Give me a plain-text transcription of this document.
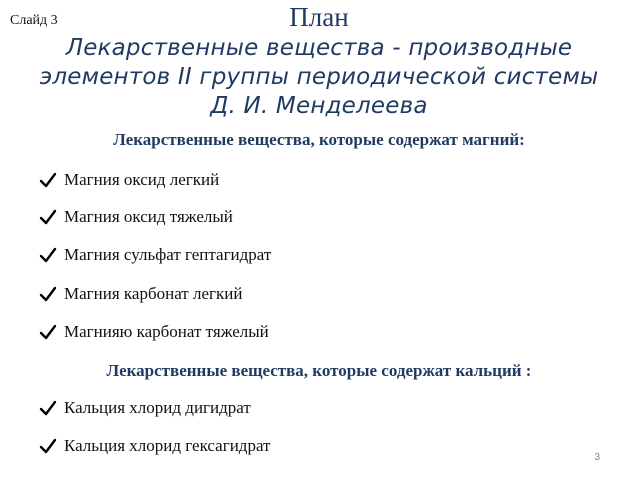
Слайд 3	План
Лекарственные вещества - производные
элементов II группы периодической системы
Д. И. Менделеева
Лекарственные вещества, которые содержат магний:
Магния оксид легкий
Магния оксид тяжелый
Магния сульфат гептагидрат
Магния карбонат легкий
Магнияю карбонат тяжелый
Лекарственные вещества, которые содержат кальций :
Кальция хлорид дигидрат
Кальция хлорид гексагидрат
3
